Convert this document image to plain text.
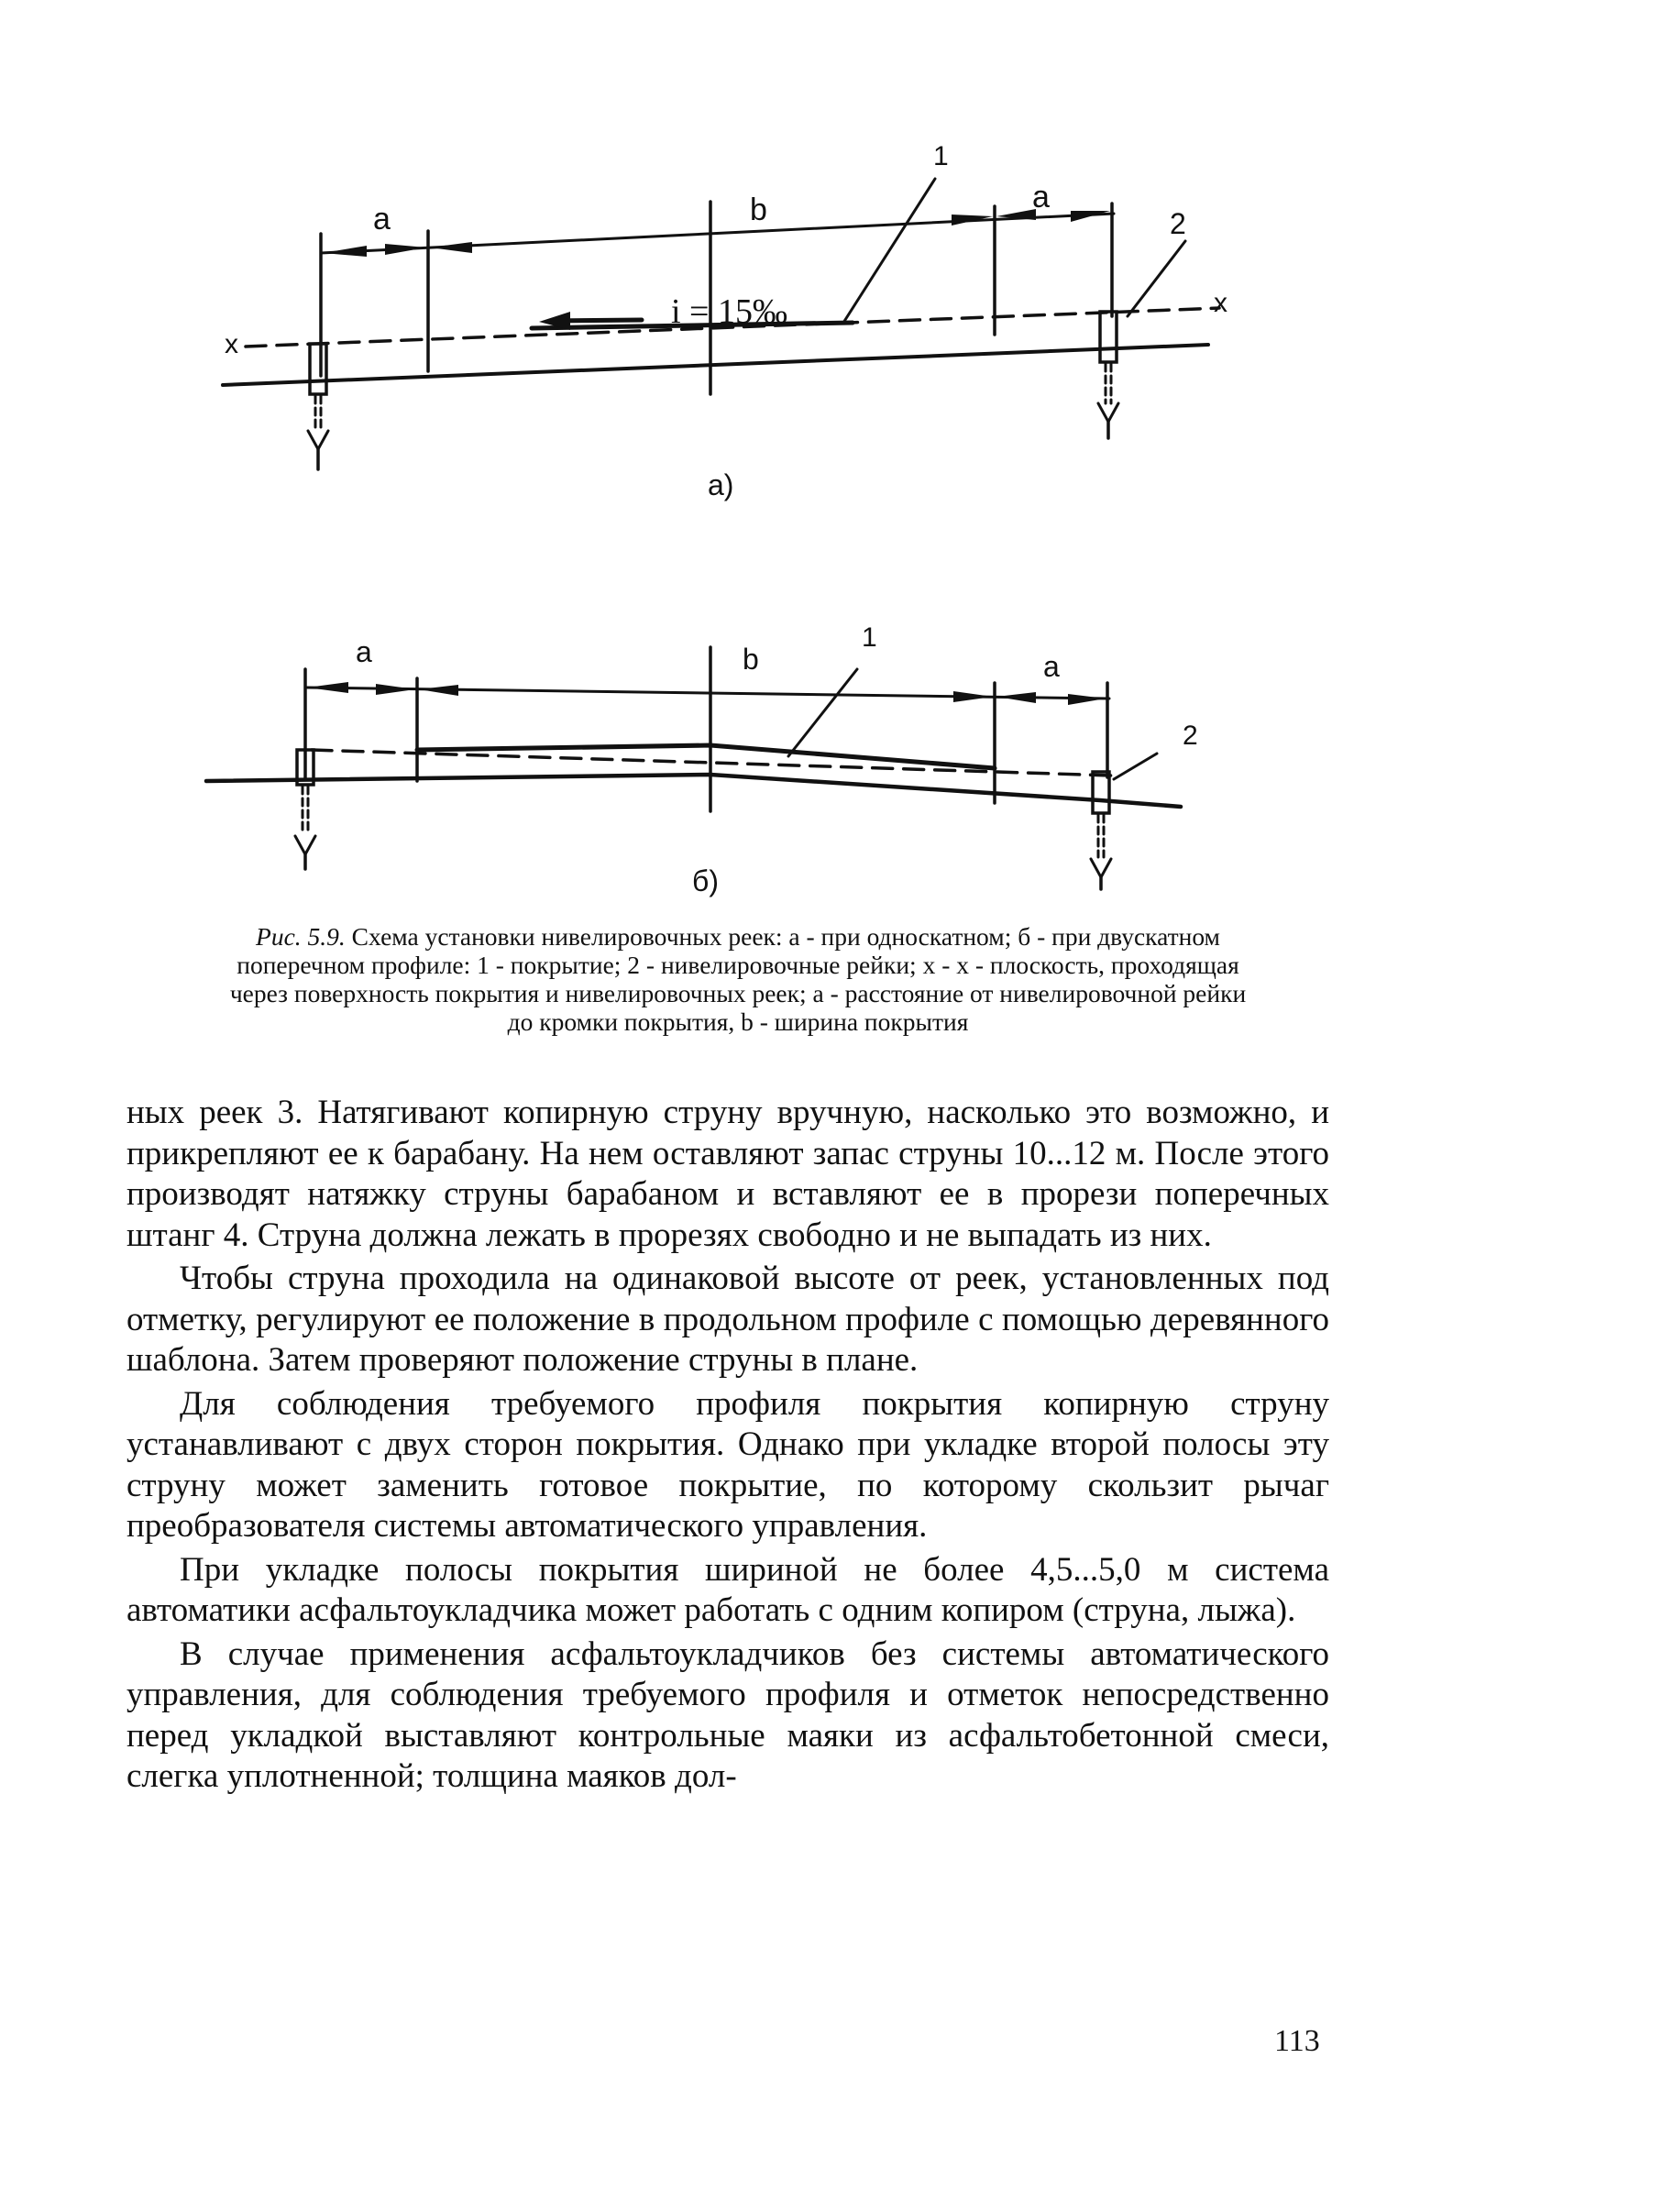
а	b	a
1
2
x
x
i = 15‰
а)
а	b	а
1
2
б)
Рис. 5.9. Схема установки нивелировочных реек: а - при односкатном; б - при двускатном поперечном профиле: 1 - покрытие; 2 - нивелировочные рейки; x - x - плоскость, проходящая через поверхность покрытия и нивелировочных реек; а - расстояние от нивелировочной рейки до кромки покрытия, b - ширина покрытия

ных реек 3. Натягивают копирную струну вручную, насколько это возможно, и прикрепляют ее к барабану. На нем оставляют запас струны 10...12 м. После этого производят натяжку струны барабаном и вставляют ее в прорези поперечных штанг 4. Струна должна лежать в прорезях свободно и не выпадать из них.

Чтобы струна проходила на одинаковой высоте от реек, установленных под отметку, регулируют ее положение в продольном профиле с помощью деревянного шаблона. Затем проверяют положение струны в плане.

Для соблюдения требуемого профиля покрытия копирную струну устанавливают с двух сторон покрытия. Однако при укладке второй полосы эту струну может заменить готовое покрытие, по которому скользит рычаг преобразователя системы автоматического управления.

При укладке полосы покрытия шириной не более 4,5...5,0 м система автоматики асфальтоукладчика может работать с одним копиром (струна, лыжа).

В случае применения асфальтоукладчиков без системы автоматического управления, для соблюдения требуемого профиля и отметок непосредственно перед укладкой выставляют контрольные маяки из асфальтобетонной смеси, слегка уплотненной; толщина маяков дол-

113
